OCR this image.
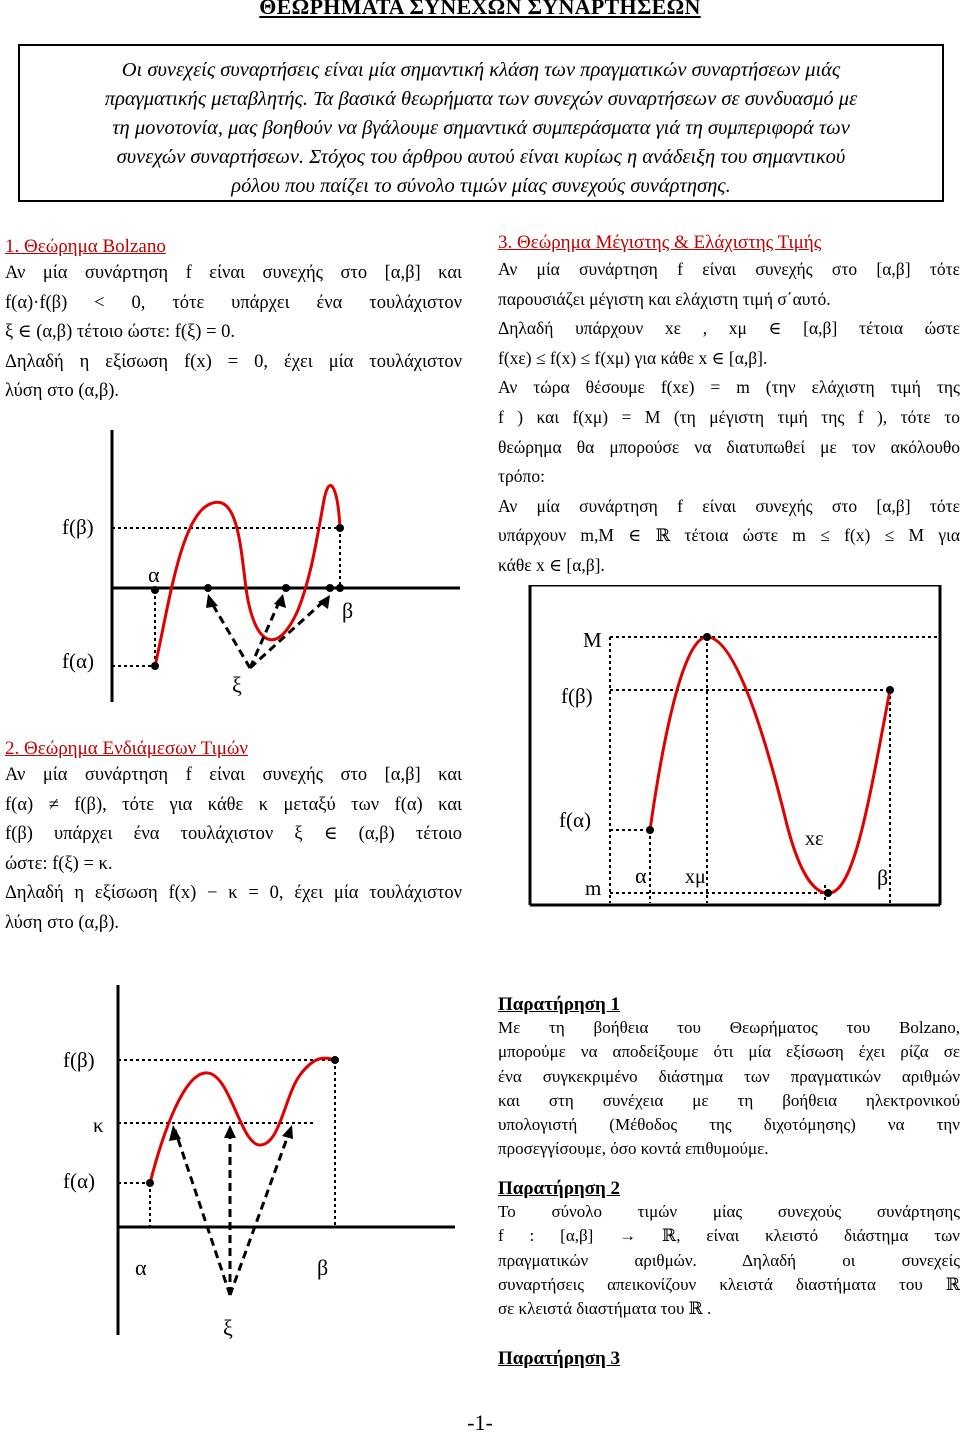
ΘΕΩΡΗΜΑΤΑ ΣΥΝΕΧΩΝ ΣΥΝΑΡΤΗΣΕΩΝ
Οι συνεχείς συναρτήσεις είναι μία σημαντική κλάση των πραγματικών συναρτήσεων μιάς
πραγματικής μεταβλητής. Τα βασικά θεωρήματα των συνεχών συναρτήσεων σε συνδυασμό με
τη μονοτονία, μας βοηθούν να βγάλουμε σημαντικά συμπεράσματα γιά τη συμπεριφορά των
συνεχών συναρτήσεων. Στόχος του άρθρου αυτού είναι κυρίως η ανάδειξη του σημαντικού
ρόλου που παίζει το σύνολο τιμών μίας συνεχούς συνάρτησης.
1. Θεώρημα Bolzano
Αν μία συνάρτηση f είναι συνεχής στο [α,β] και
f(α)·f(β) < 0, τότε υπάρχει ένα τουλάχιστον
ξ ∈ (α,β) τέτοιο ώστε: f(ξ) = 0.
Δηλαδή η εξίσωση f(x) = 0, έχει μία τουλάχιστον
λύση στο (α,β).
f(β)
f(α)
α
β
ξ
2. Θεώρημα Ενδιάμεσων Τιμών
Αν μία συνάρτηση f είναι συνεχής στο [α,β] και
f(α) ≠ f(β), τότε για κάθε κ μεταξύ των f(α) και
f(β) υπάρχει ένα τουλάχιστον ξ ∈ (α,β) τέτοιο
ώστε: f(ξ) = κ.
Δηλαδή η εξίσωση f(x) − κ = 0, έχει μία τουλάχιστον
λύση στο (α,β).
3. Θεώρημα Μέγιστης & Ελάχιστης Τιμής
Αν μία συνάρτηση f είναι συνεχής στο [α,β] τότε
παρουσιάζει μέγιστη και ελάχιστη τιμή σ΄αυτό.
Δηλαδή υπάρχουν xε , xμ ∈ [α,β] τέτοια ώστε
f(xε) ≤ f(x) ≤ f(xμ) για κάθε x ∈ [α,β].
Αν τώρα θέσουμε f(xε) = m (την ελάχιστη τιμή της
f ) και f(xμ) = M (τη μέγιστη τιμή της f ), τότε το
θεώρημα θα μπορούσε να διατυπωθεί με τον ακόλουθο
τρόπο:
Αν μία συνάρτηση f είναι συνεχής στο [α,β] τότε
υπάρχουν m,M ∈ ℝ τέτοια ώστε m ≤ f(x) ≤ M για
κάθε x ∈ [α,β].
M
f(β)
f(α)
m α xμ
xε
β
f(β)
κ
f(α)
α	β
ξ
Παρατήρηση 1
Με τη βοήθεια του Θεωρήματος του Bolzano,
μπορούμε να αποδείξουμε ότι μία εξίσωση έχει ρίζα σε
ένα συγκεκριμένο διάστημα των πραγματικών αριθμών
και στη συνέχεια με τη βοήθεια ηλεκτρονικού
υπολογιστή (Μέθοδος της διχοτόμησης) να την
προσεγγίσουμε, όσο κοντά επιθυμούμε.
Παρατήρηση 2
Το σύνολο τιμών μίας συνεχούς συνάρτησης
f : [α,β] → ℝ, είναι κλειστό διάστημα των
πραγματικών αριθμών. Δηλαδή οι συνεχείς
συναρτήσεις απεικονίζουν κλειστά διαστήματα του ℝ
σε κλειστά διαστήματα του ℝ .
Παρατήρηση 3
-1-
